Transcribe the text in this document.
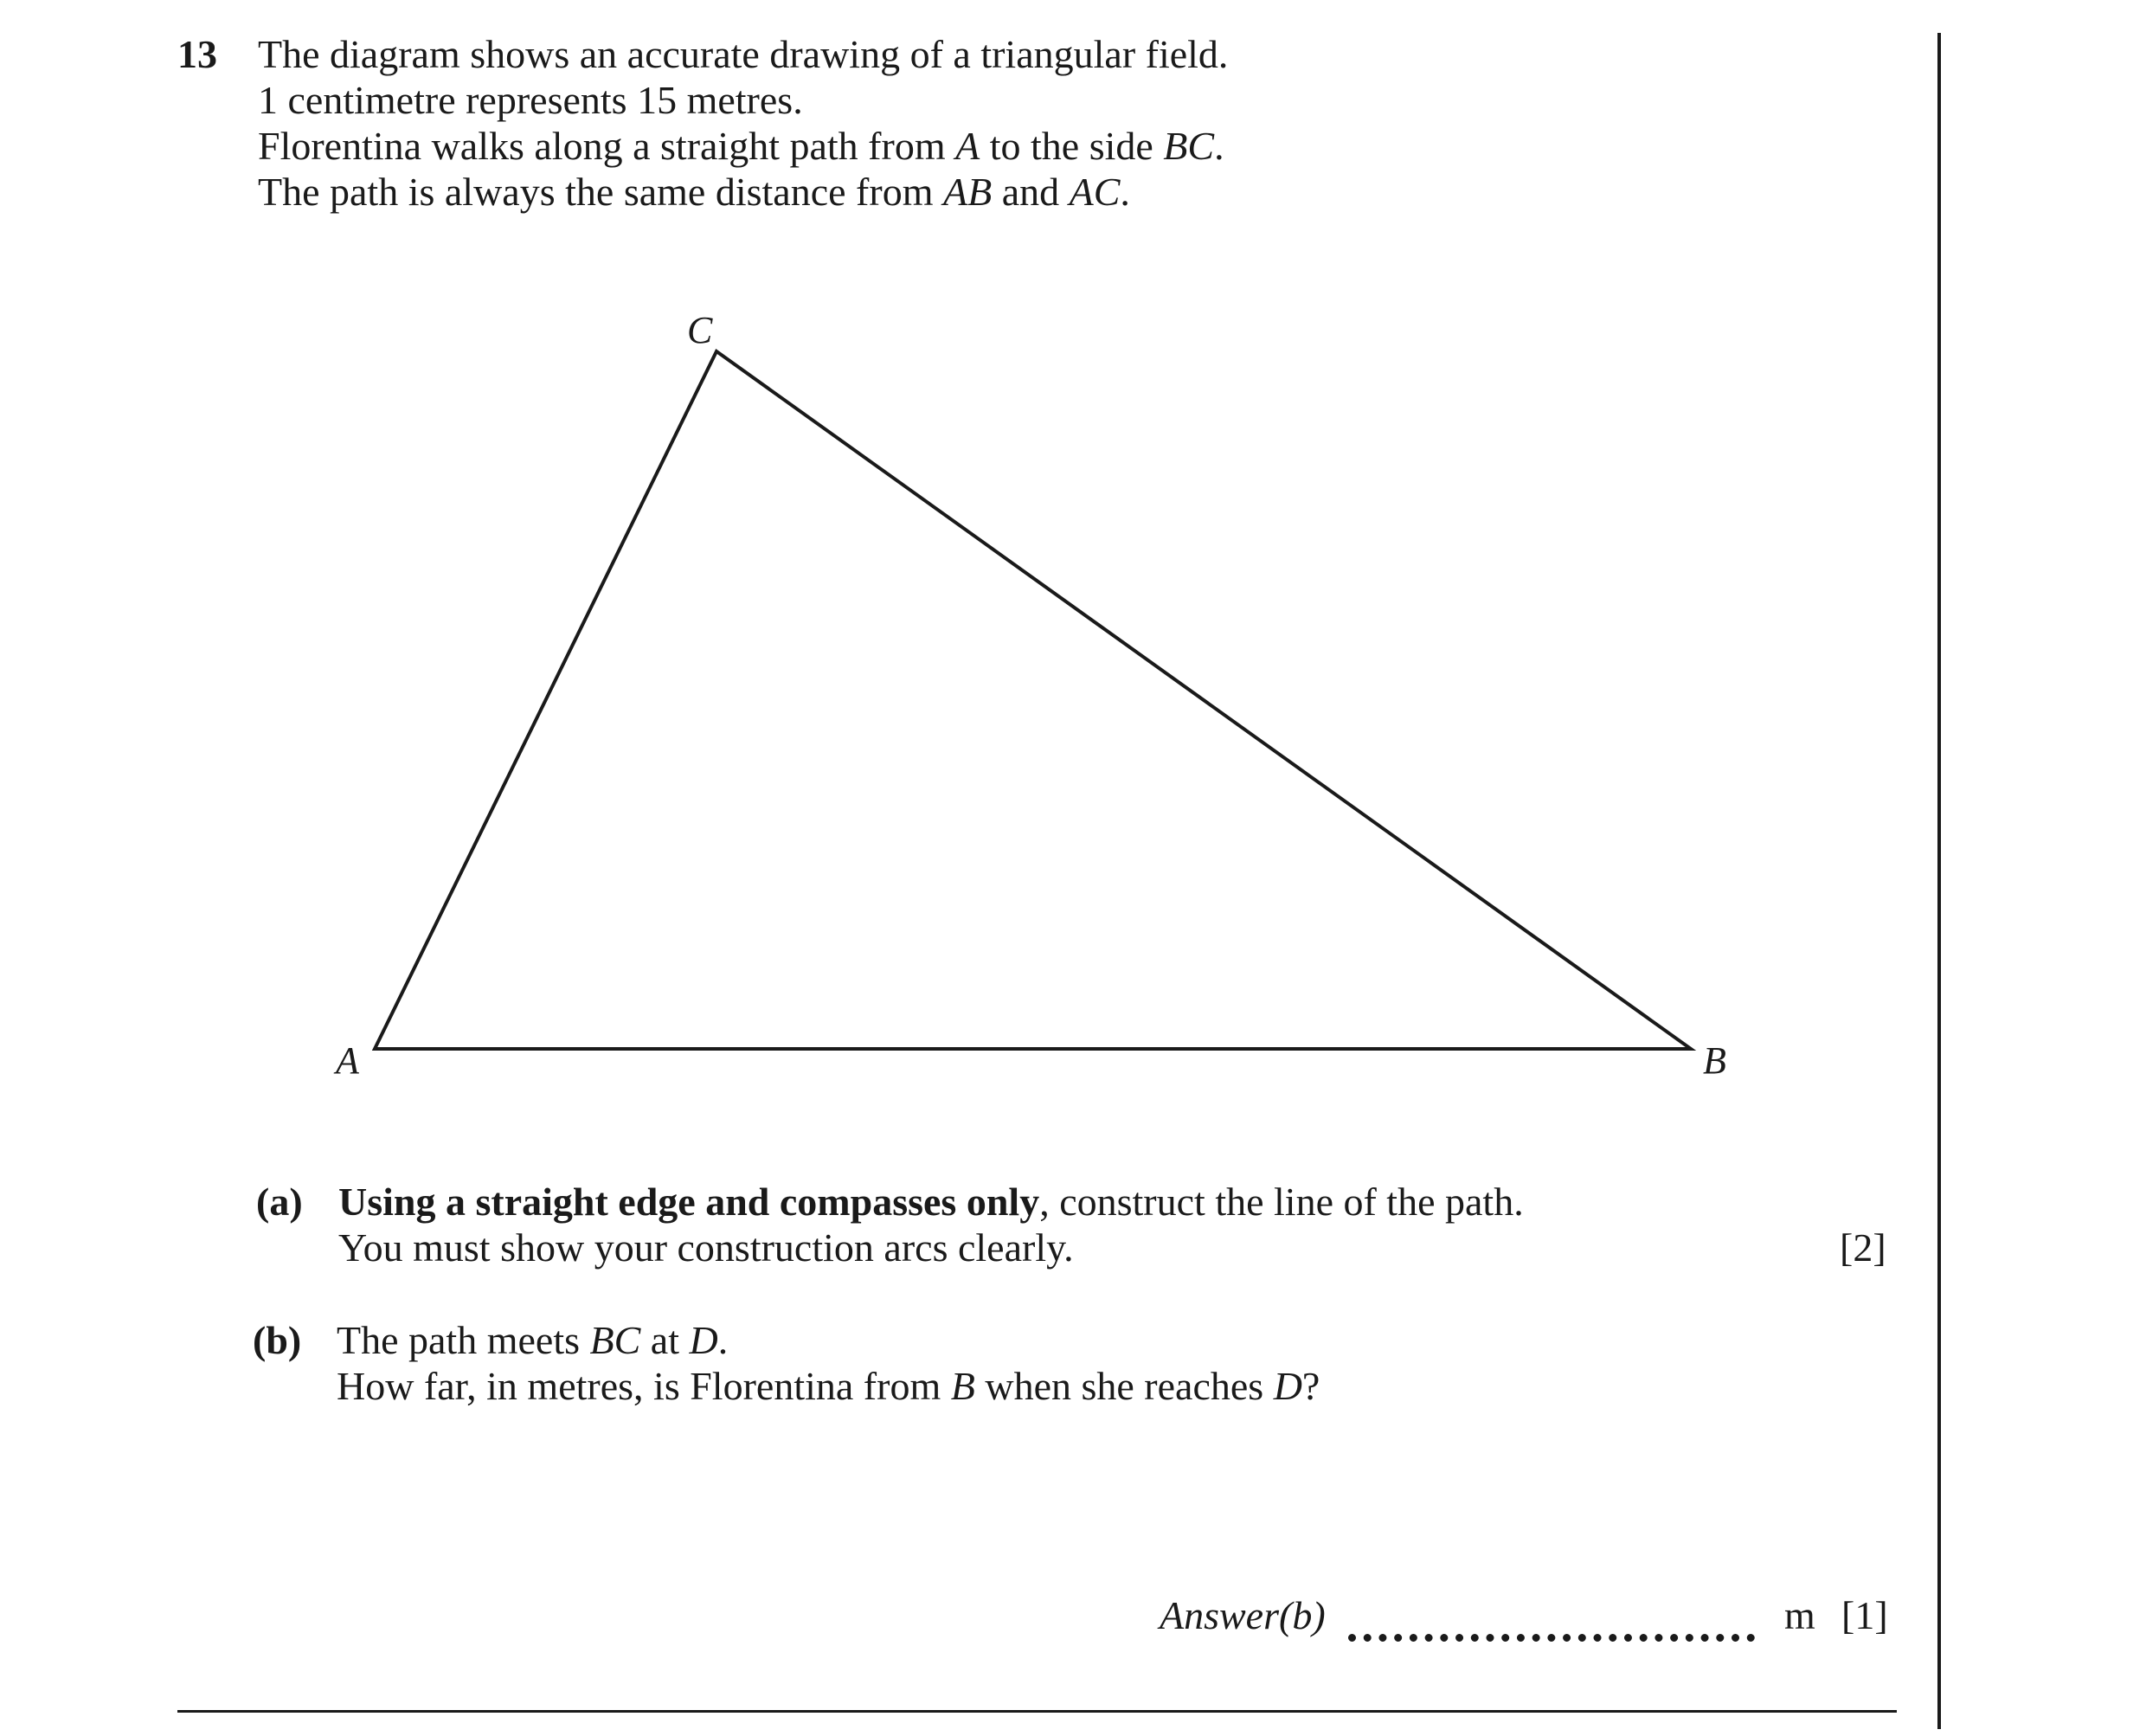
13 The diagram shows an accurate drawing of a triangular field.
1 centimetre represents 15 metres.
Florentina walks along a straight path from A to the side BC.
The path is always the same distance from AB and AC.
C
A	B
(a) Using a straight edge and compasses only, construct the line of the path.
You must show your construction arcs clearly.	[2]
(b) The path meets BC at D.
How far, in metres, is Florentina from B when she reaches D?
Answer(b)	m [1]
